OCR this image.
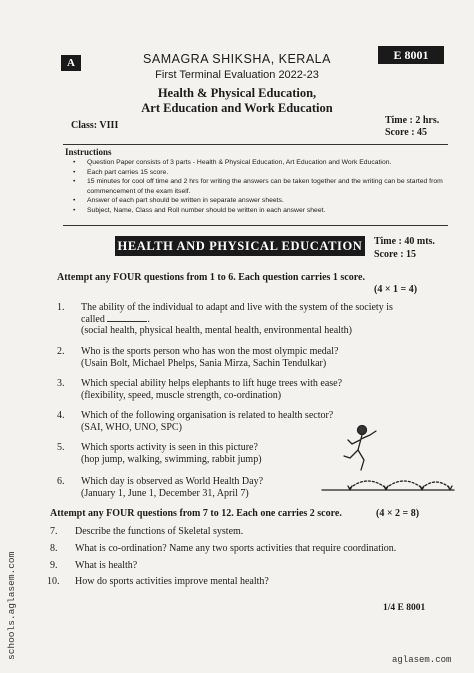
A
E 8001
SAMAGRA SHIKSHA, KERALA
First Terminal Evaluation 2022-23
Health & Physical Education,
Art Education and Work Education
Class: VIII	Time : 2 hrs.
Score : 45
Instructions
• Question Paper consists of 3 parts - Health & Physical Education, Art Education and Work Education.
• Each part carries 15 score.
• 15 minutes for cool off time and 2 hrs for writing the answers can be taken together and the writing can be started from commencement of the exam itself.
• Answer of each part should be written in separate answer sheets.
• Subject, Name, Class and Roll number should be written in each answer sheet.
HEALTH AND PHYSICAL EDUCATION Time : 40 mts.
Score : 15
Attempt any FOUR questions from 1 to 6. Each question carries 1 score.
(4 × 1 = 4)
1.	The ability of the individual to adapt and live with the system of the society is
called	.
(social health, physical health, mental health, environmental health)
2.	Who is the sports person who has won the most olympic medal?
(Usain Bolt, Michael Phelps, Sania Mirza, Sachin Tendulkar)
3.	Which special ability helps elephants to lift huge trees with ease?
(flexibility, speed, muscle strength, co-ordination)
4.	Which of the following organisation is related to health sector?
(SAI, WHO, UNO, SPC)
5.	Which sports activity is seen in this picture?
(hop jump, walking, swimming, rabbit jump)
6.	Which day is observed as World Health Day?
(January 1, June 1, December 31, April 7)
Attempt any FOUR questions from 7 to 12. Each one carries 2 score.	(4 × 2 = 8)
7.	Describe the functions of Skeletal system.
8.	What is co-ordination? Name any two sports activities that require coordination.
9.	What is health?
10.	How do sports activities improve mental health?
1/4 E 8001
schools.aglasem.com	aglasem.com
